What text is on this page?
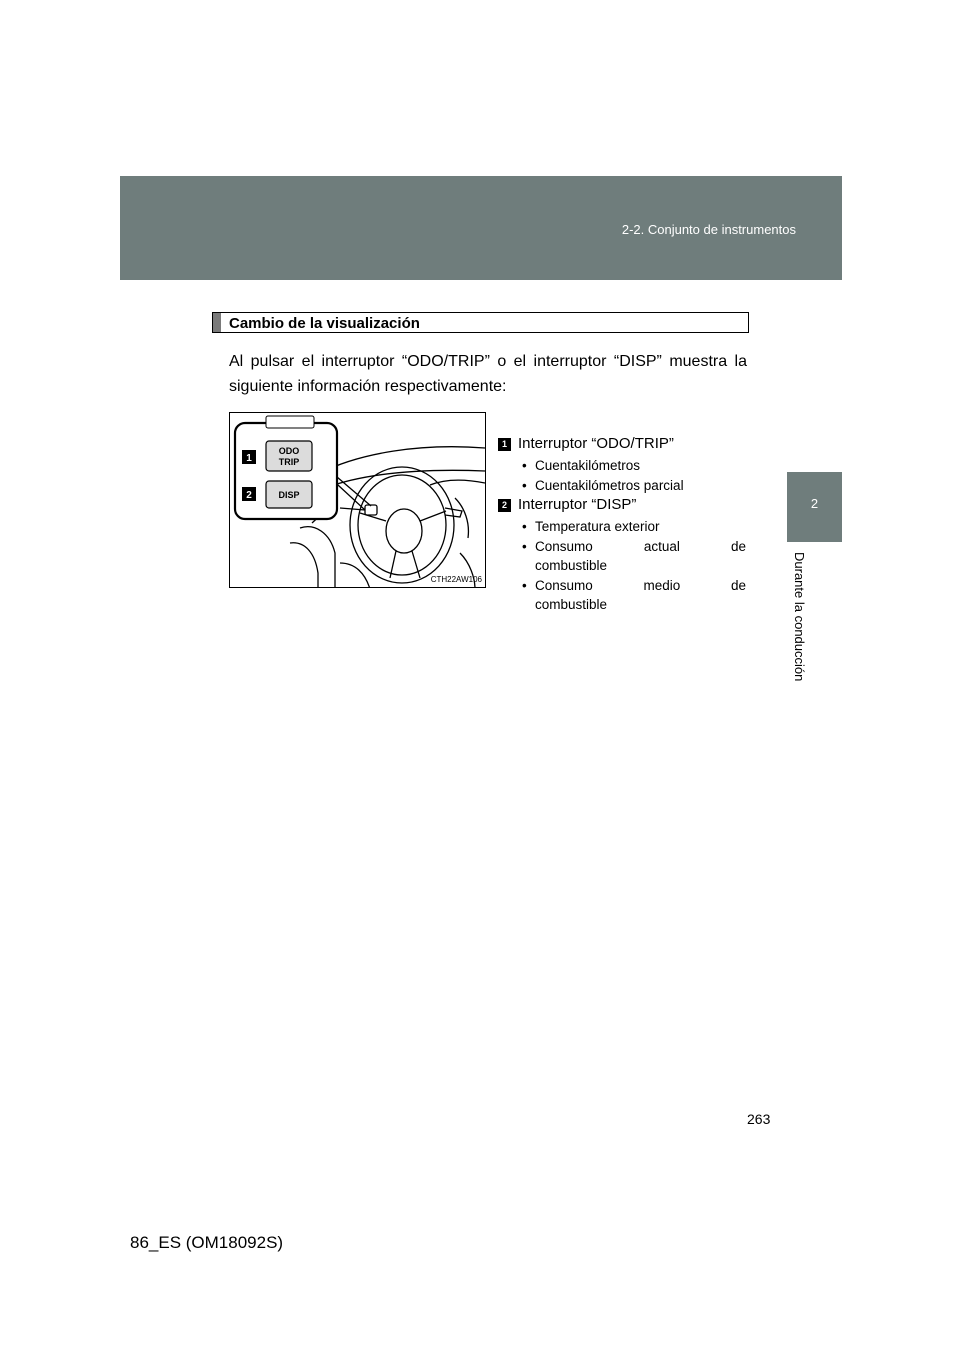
2-2. Conjunto de instrumentos
2
Durante la conducción
Cambio de la visualización
Al pulsar el interruptor “ODO/TRIP” o el interruptor “DISP” muestra la siguiente información respectivamente:
1
2
ODO
TRIP
DISP
CTH22AW106
1 Interruptor “ODO/TRIP”
• Cuentakilómetros
• Cuentakilómetros parcial
2 Interruptor “DISP”
• Temperatura exterior
• Consumo	actual	de
combustible
• Consumo	medio	de
combustible
263
86_ES (OM18092S)
